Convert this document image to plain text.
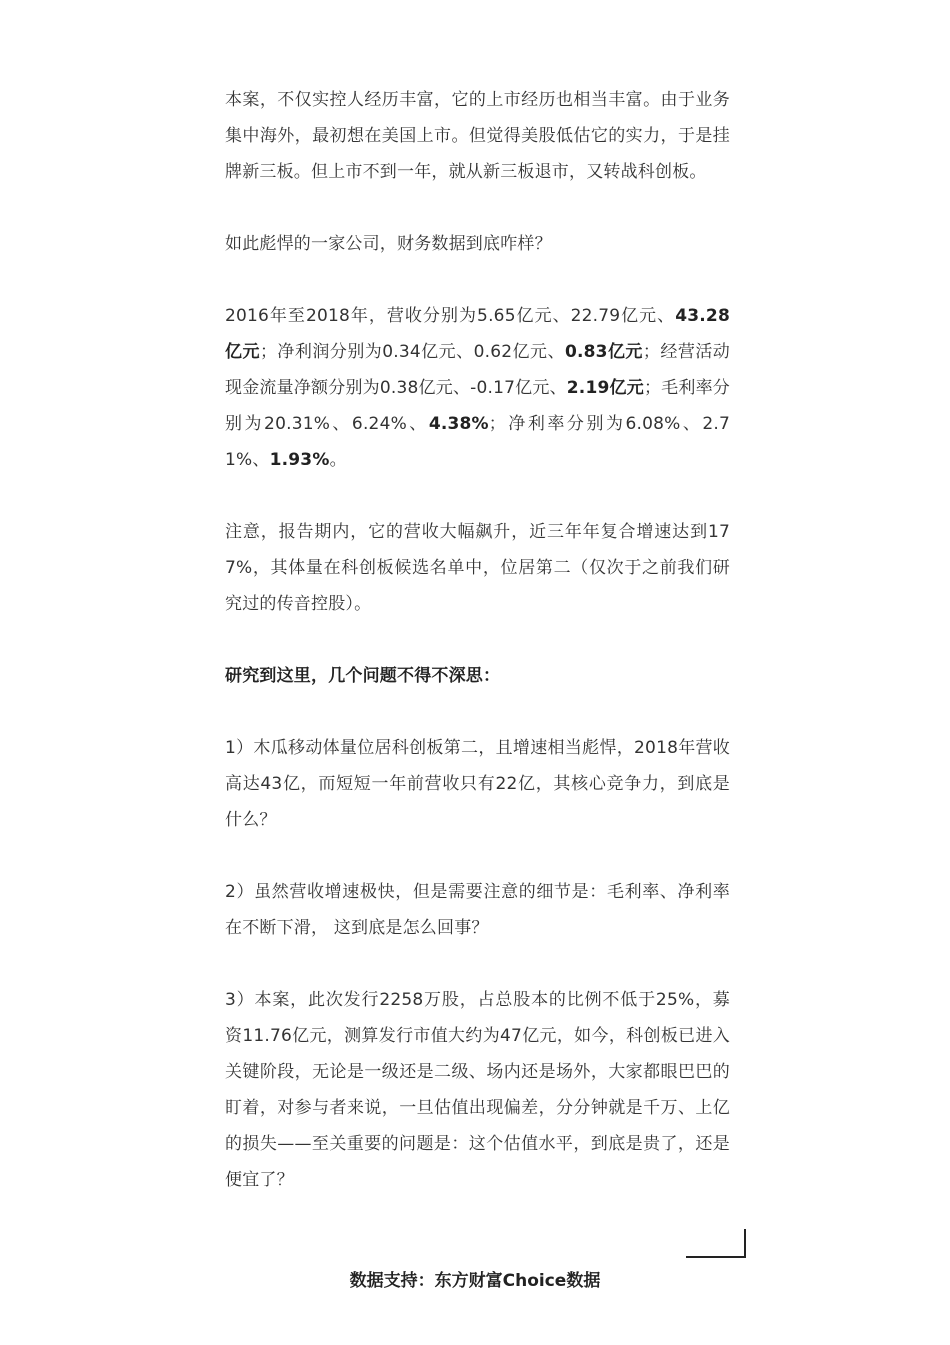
本案，不仅实控人经历丰富，它的上市经历也相当丰富。由于业务集中海外，最初想在美国上市。但觉得美股低估它的实力，于是挂牌新三板。但上市不到一年，就从新三板退市，又转战科创板。

如此彪悍的一家公司，财务数据到底咋样？

2016年至2018年，营收分别为5.65亿元、22.79亿元、43.28亿元；净利润分别为0.34亿元、0.62亿元、0.83亿元；经营活动现金流量净额分别为0.38亿元、-0.17亿元、2.19亿元；毛利率分别为20.31%、6.24%、4.38%；净利率分别为6.08%、2.71%、1.93%。

注意，报告期内，它的营收大幅飙升，近三年年复合增速达到177%，其体量在科创板候选名单中，位居第二（仅次于之前我们研究过的传音控股）。

研究到这里，几个问题不得不深思：

1）木瓜移动体量位居科创板第二，且增速相当彪悍，2018年营收高达43亿，而短短一年前营收只有22亿，其核心竞争力，到底是什么？

2）虽然营收增速极快，但是需要注意的细节是：毛利率、净利率在不断下滑， 这到底是怎么回事？

3）本案，此次发行2258万股，占总股本的比例不低于25%，募资11.76亿元，测算发行市值大约为47亿元，如今，科创板已进入关键阶段，无论是一级还是二级、场内还是场外，大家都眼巴巴的盯着，对参与者来说，一旦估值出现偏差，分分钟就是千万、上亿的损失——至关重要的问题是：这个估值水平，到底是贵了，还是便宜了？

数据支持：东方财富Choice数据
